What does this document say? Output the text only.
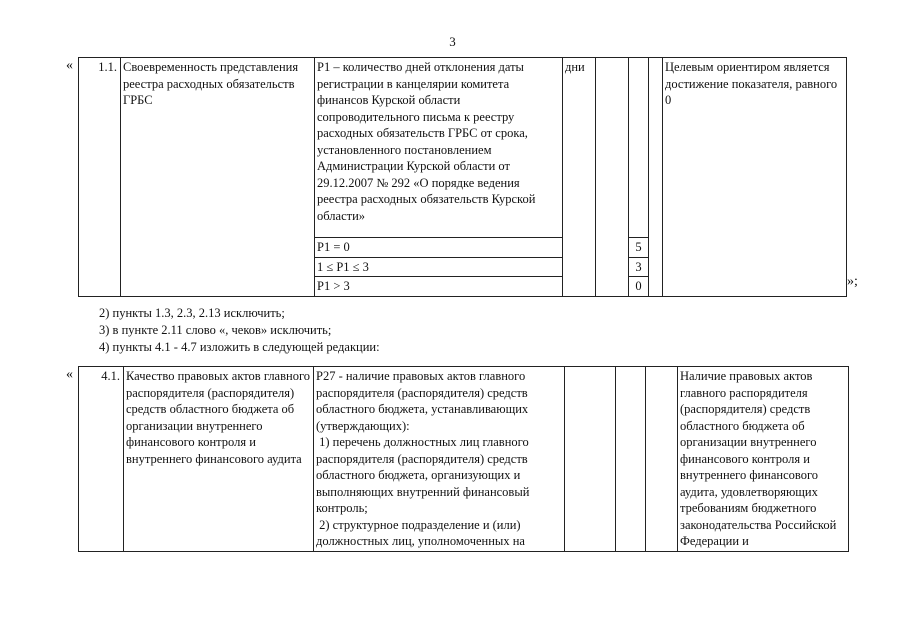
3
« 1.1.	Своевременность представления реестра расходных обязательств ГРБС	Р1 – количество дней отклонения даты регистрации в канцелярии комитета финансов Курской области сопроводительного письма к реестру расходных обязательств ГРБС от срока, установленного постановлением Администрации Курской области от 29.12.2007 № 292 «О порядке ведения реестра расходных обязательств Курской области»	дни				Целевым ориентиром является достижение показателя, равного 0
		Р1 = 0			5		
		1 ≤ Р1 ≤ 3			3		
		Р1 > 3			0			»;
2) пункты 1.3, 2.3, 2.13 исключить;
3) в пункте 2.11 слово «, чеков» исключить;
4) пункты 4.1 - 4.7 изложить в следующей редакции:
« 4.1.	Качество правовых актов главного распорядителя (распорядителя) средств областного бюджета об организации внутреннего финансового контроля и внутреннего финансового аудита	Р27 - наличие правовых актов главного распорядителя (распорядителя) средств областного бюджета, устанавливающих (утверждающих):
1) перечень должностных лиц главного распорядителя (распорядителя) средств областного бюджета, организующих и выполняющих внутренний финансовый контроль;
2) структурное подразделение и (или) должностных лиц, уполномоченных на				Наличие правовых актов главного распорядителя (распорядителя) средств областного бюджета об организации внутреннего финансового контроля и внутреннего финансового аудита, удовлетворяющих требованиям бюджетного законодательства Российской Федерации и
